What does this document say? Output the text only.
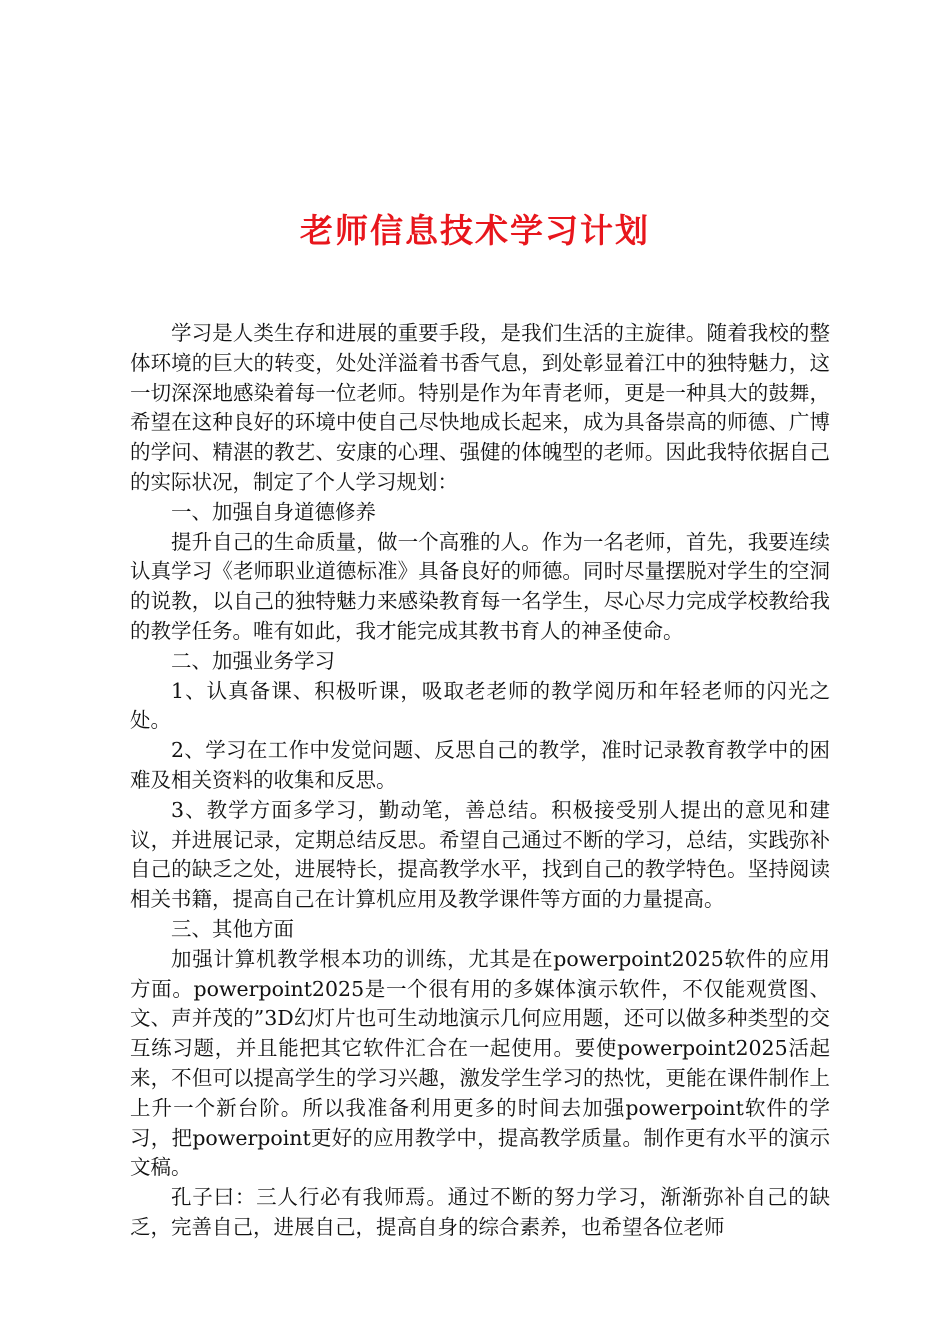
老师信息技术学习计划

学习是人类生存和进展的重要手段，是我们生活的主旋律。随着我校的整体环境的巨大的转变，处处洋溢着书香气息，到处彰显着江中的独特魅力，这一切深深地感染着每一位老师。特别是作为年青老师，更是一种具大的鼓舞，希望在这种良好的环境中使自己尽快地成长起来，成为具备崇高的师德、广博的学问、精湛的教艺、安康的心理、强健的体魄型的老师。因此我特依据自己的实际状况，制定了个人学习规划：

一、加强自身道德修养

提升自己的生命质量，做一个高雅的人。作为一名老师，首先，我要连续认真学习《老师职业道德标准》具备良好的师德。同时尽量摆脱对学生的空洞的说教，以自己的独特魅力来感染教育每一名学生，尽心尽力完成学校教给我的教学任务。唯有如此，我才能完成其教书育人的神圣使命。

二、加强业务学习

1、认真备课、积极听课，吸取老老师的教学阅历和年轻老师的闪光之处。

2、学习在工作中发觉问题、反思自己的教学，准时记录教育教学中的困难及相关资料的收集和反思。

3、教学方面多学习，勤动笔，善总结。积极接受别人提出的意见和建议，并进展记录，定期总结反思。希望自己通过不断的学习，总结，实践弥补自己的缺乏之处，进展特长，提高教学水平，找到自己的教学特色。坚持阅读相关书籍，提高自己在计算机应用及教学课件等方面的力量提高。

三、其他方面

加强计算机教学根本功的训练，尤其是在powerpoint2025软件的应用方面。powerpoint2025是一个很有用的多媒体演示软件，不仅能观赏图、文、声并茂的”3D幻灯片也可生动地演示几何应用题，还可以做多种类型的交互练习题，并且能把其它软件汇合在一起使用。要使powerpoint2025活起来，不但可以提高学生的学习兴趣，激发学生学习的热忱，更能在课件制作上上升一个新台阶。所以我准备利用更多的时间去加强powerpoint软件的学习，把powerpoint更好的应用教学中，提高教学质量。制作更有水平的演示文稿。

孔子曰：三人行必有我师焉。通过不断的努力学习，渐渐弥补自己的缺乏，完善自己，进展自己，提高自身的综合素养，也希望各位老师
